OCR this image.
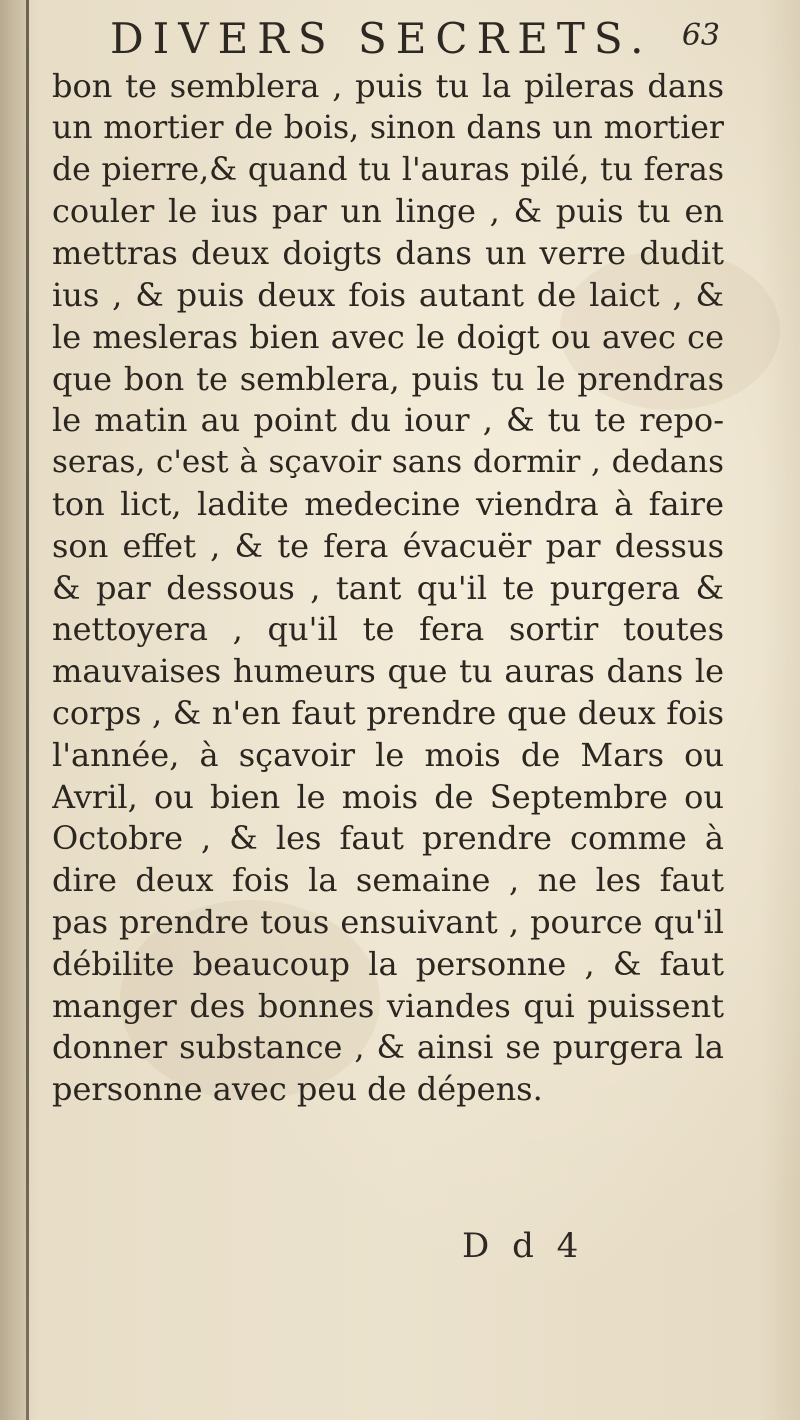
DIVERS SECRETS. 63
bon te semblera , puis tu la pileras dans
un mortier de bois, sinon dans un mortier
de pierre,& quand tu l'auras pilé, tu feras
couler le ius par un linge , & puis tu en
mettras deux doigts dans un verre dudit
ius , & puis deux fois autant de laict , &
le mesleras bien avec le doigt ou avec ce
que bon te semblera, puis tu le prendras
le matin au point du iour , & tu te repo-
seras, c'est à sçavoir sans dormir , dedans
ton lict, ladite medecine viendra à faire
son effet , & te fera évacuër par dessus
& par dessous , tant qu'il te purgera &
nettoyera , qu'il te fera sortir toutes
mauvaises humeurs que tu auras dans le
corps , & n'en faut prendre que deux fois
l'année, à sçavoir le mois de Mars ou
Avril, ou bien le mois de Septembre ou
Octobre , & les faut prendre comme à
dire deux fois la semaine , ne les faut
pas prendre tous ensuivant , pource qu'il
débilite beaucoup la personne , & faut
manger des bonnes viandes qui puissent
donner substance , & ainsi se purgera la
personne avec peu de dépens.
D d 4
